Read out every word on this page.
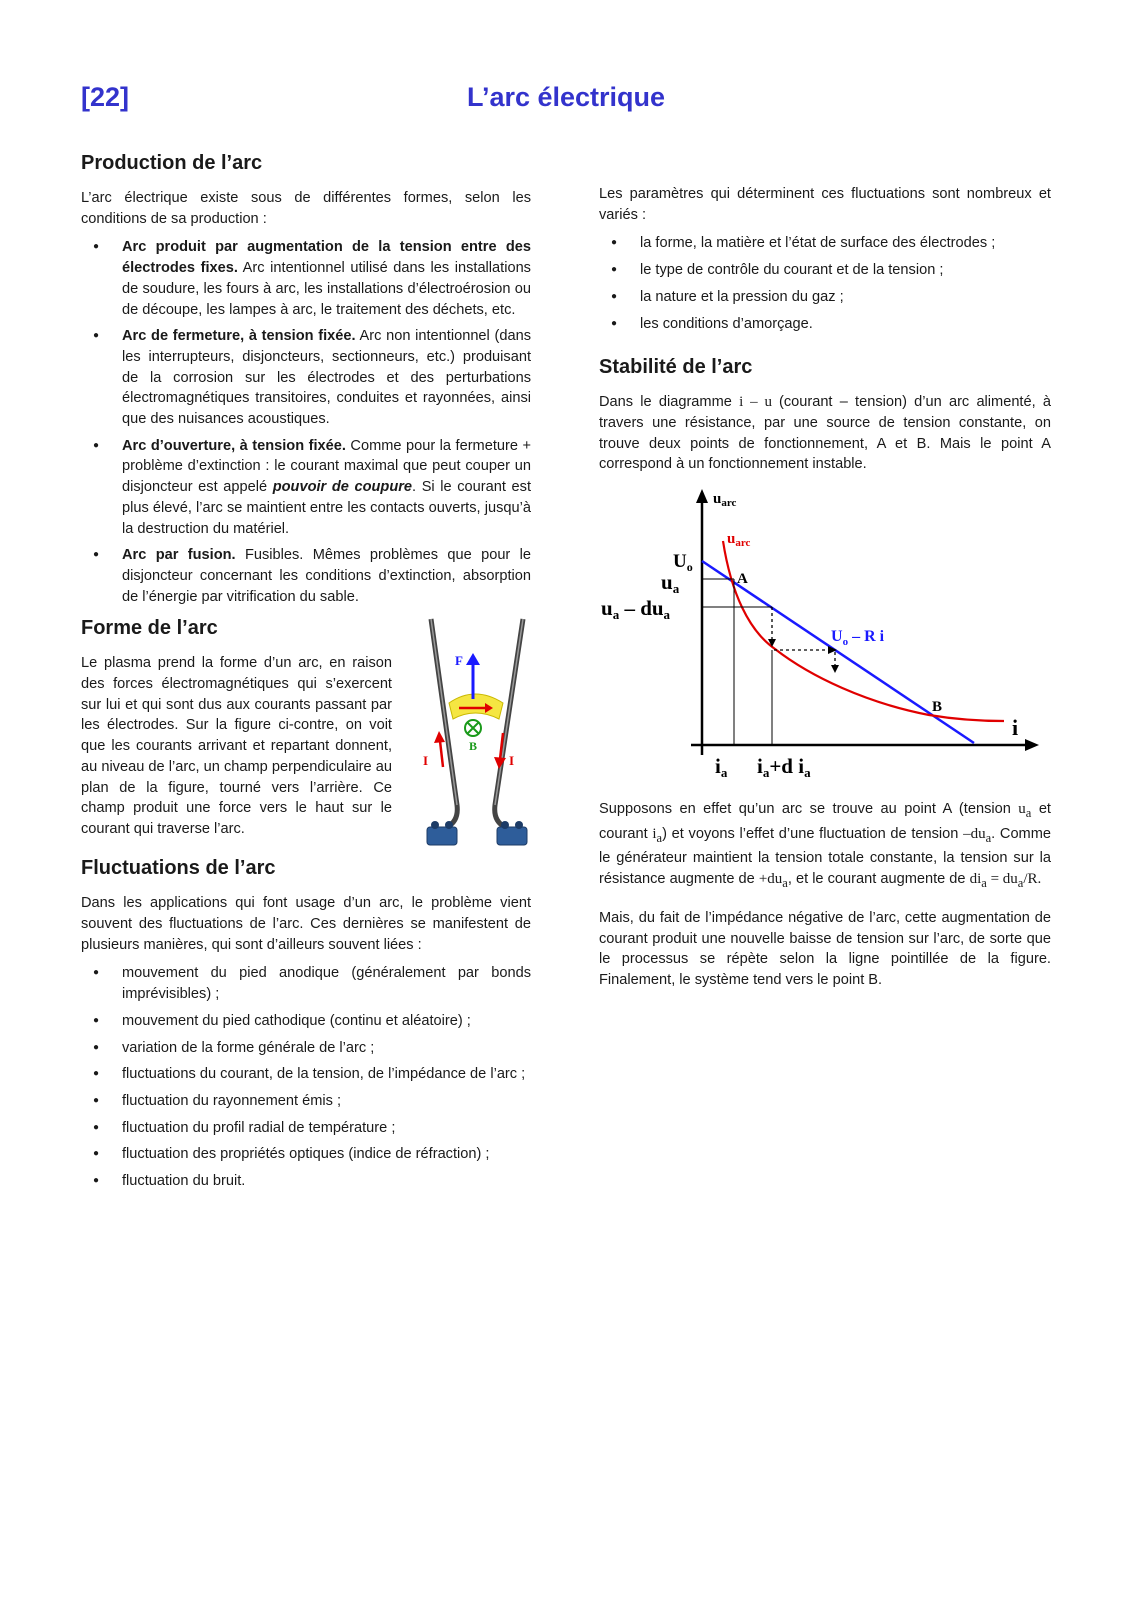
[22]	L’arc électrique
Production de l’arc

L’arc électrique existe sous de différentes formes, selon les conditions de sa production :

● Arc produit par augmentation de la tension entre des électrodes fixes. Arc intentionnel utilisé dans les installations de soudure, les fours à arc, les installations d’électroérosion ou de découpe, les lampes à arc, le traitement des déchets, etc.
● Arc de fermeture, à tension fixée. Arc non intentionnel (dans les interrupteurs, disjoncteurs, sectionneurs, etc.) produisant de la corrosion sur les électrodes et des perturbations électromagnétiques transitoires, conduites et rayonnées, ainsi que des nuisances acoustiques.
● Arc d’ouverture, à tension fixée. Comme pour la fermeture + problème d’extinction : le courant maximal que peut couper un disjoncteur est appelé pouvoir de coupure. Si le courant est plus élevé, l’arc se maintient entre les contacts ouverts, jusqu’à la destruction du matériel.
● Arc par fusion. Fusibles. Mêmes problèmes que pour le disjoncteur concernant les conditions d’extinction, absorption de l’énergie par vitrification du sable.
Forme de l’arc

Le plasma prend la forme d’un arc, en raison des forces électromagnétiques qui s’exercent sur lui et qui sont dus aux courants passant par les électrodes. Sur la figure ci-contre, on voit que les courants arrivant et repartant donnent, au niveau de l’arc, un champ perpendiculaire au plan de la figure, tourné vers l’arrière. Ce champ produit une force vers le haut sur le courant qui traverse l’arc.

F
B
I	I
Fluctuations de l’arc

Dans les applications qui font usage d’un arc, le problème vient souvent des fluctuations de l’arc. Ces dernières se manifestent de plusieurs manières, qui sont d’ailleurs souvent liées :

● mouvement du pied anodique (généralement par bonds imprévisibles) ;
● mouvement du pied cathodique (continu et aléatoire) ;
● variation de la forme générale de l’arc ;
● fluctuations du courant, de la tension, de l’impédance de l’arc ;
● fluctuation du rayonnement émis ;
● fluctuation du profil radial de température ;
● fluctuation des propriétés optiques (indice de réfraction) ;
● fluctuation du bruit.

Les paramètres qui déterminent ces fluctuations sont nombreux et variés :

● la forme, la matière et l’état de surface des électrodes ;
● le type de contrôle du courant et de la tension ;
● la nature et la pression du gaz ;
● les conditions d’amorçage.
Stabilité de l’arc

Dans le diagramme i – u (courant – tension) d’un arc alimenté, à travers une résistance, par une source de tension constante, on trouve deux points de fonctionnement, A et B. Mais le point A correspond à un fonctionnement instable.

$u_{arc}$
i
$u_{arc}$
$U_o$ – R i
$U_o$
ua
ua – dua
ia ia+d ia
A
B

Supposons en effet qu’un arc se trouve au point A (tension $u_a$ et courant $i_a$) et voyons l’effet d’une fluctuation de tension $-du_a$. Comme le générateur maintient la tension totale constante, la tension sur la résistance augmente de $+du_a$, et le courant augmente de $di_a = du_a/R$.

Mais, du fait de l’impédance négative de l’arc, cette augmentation de courant produit une nouvelle baisse de tension sur l’arc, de sorte que le processus se répète selon la ligne pointillée de la figure. Finalement, le système tend vers le point B.
